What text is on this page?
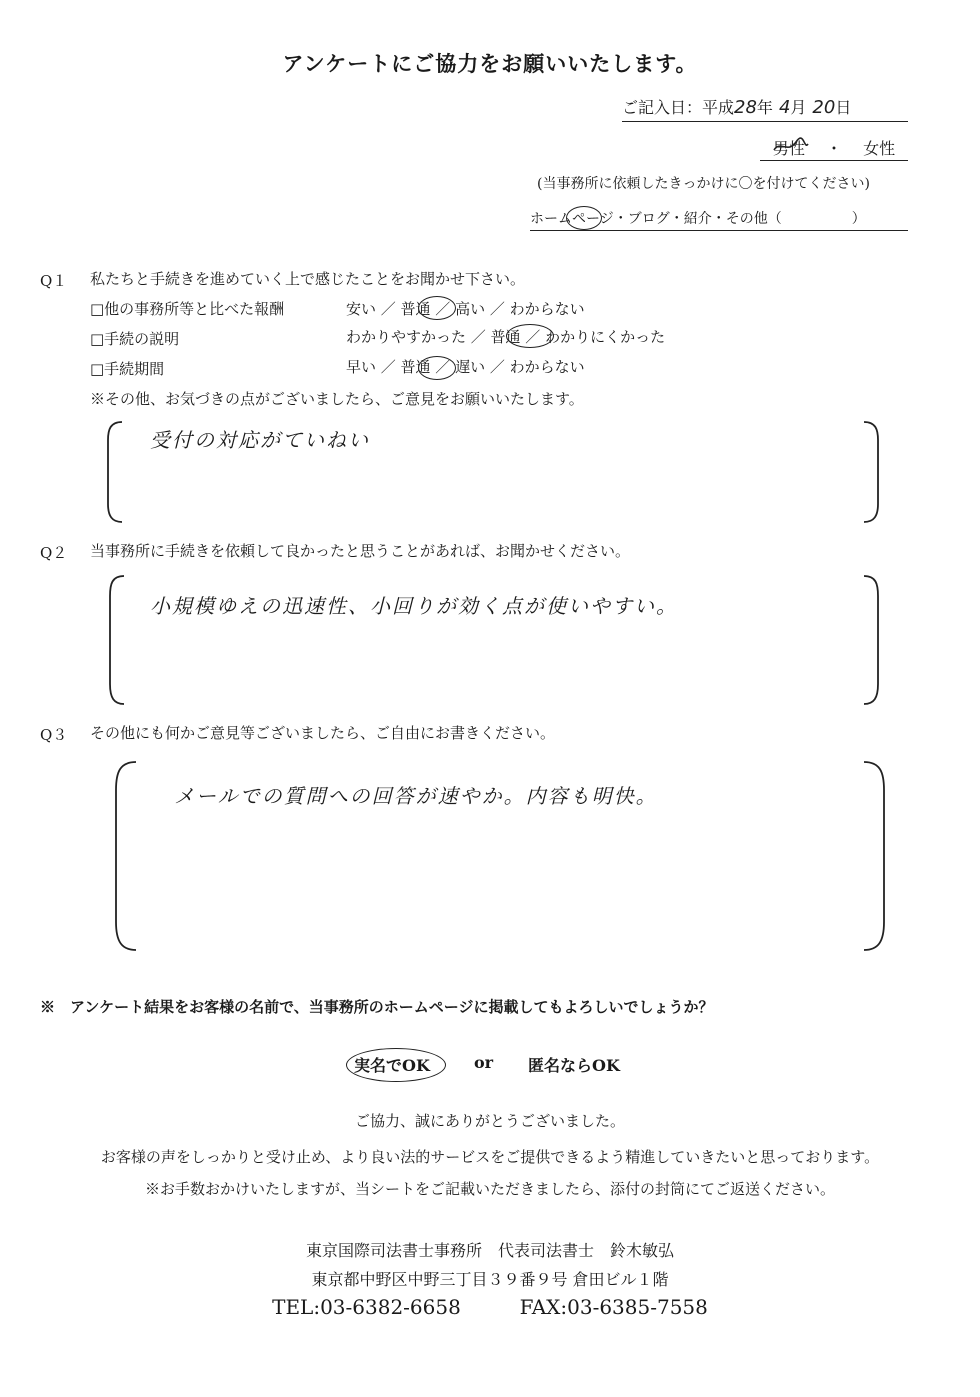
アンケートにご協力をお願いいたします。
ご記入日：平成28年 4月 20日
男性 ・ 女性
(当事務所に依頼したきっかけに〇を付けてください)
ホームページ・ブログ・紹介・その他（　　　　　）
Q１ 私たちと手続きを進めていく上で感じたことをお聞かせ下さい。
□他の事務所等と比べた報酬	安い ／ 普通 ／ 高い ／ わからない
□手続の説明	わかりやすかった ／ 普通 ／ わかりにくかった
□手続期間	早い ／ 普通 ／ 遅い ／ わからない
※その他、お気づきの点がございましたら、ご意見をお願いいたします。
受付の対応がていねい
Q２ 当事務所に手続きを依頼して良かったと思うことがあれば、お聞かせください。
小規模ゆえの迅速性、小回りが効く点が使いやすい。
Q３ その他にも何かご意見等ございましたら、ご自由にお書きください。
メールでの質問への回答が速やか。内容も明快。
※　アンケート結果をお客様の名前で、当事務所のホームページに掲載してもよろしいでしょうか？
実名でOK	or 匿名ならOK
ご協力、誠にありがとうございました。
お客様の声をしっかりと受け止め、より良い法的サービスをご提供できるよう精進していきたいと思っております。
※お手数おかけいたしますが、当シートをご記載いただきましたら、添付の封筒にてご返送ください。
東京国際司法書士事務所　代表司法書士　鈴木敏弘
東京都中野区中野三丁目３９番９号 倉田ビル１階
TEL:03-6382-6658	FAX:03-6385-7558
